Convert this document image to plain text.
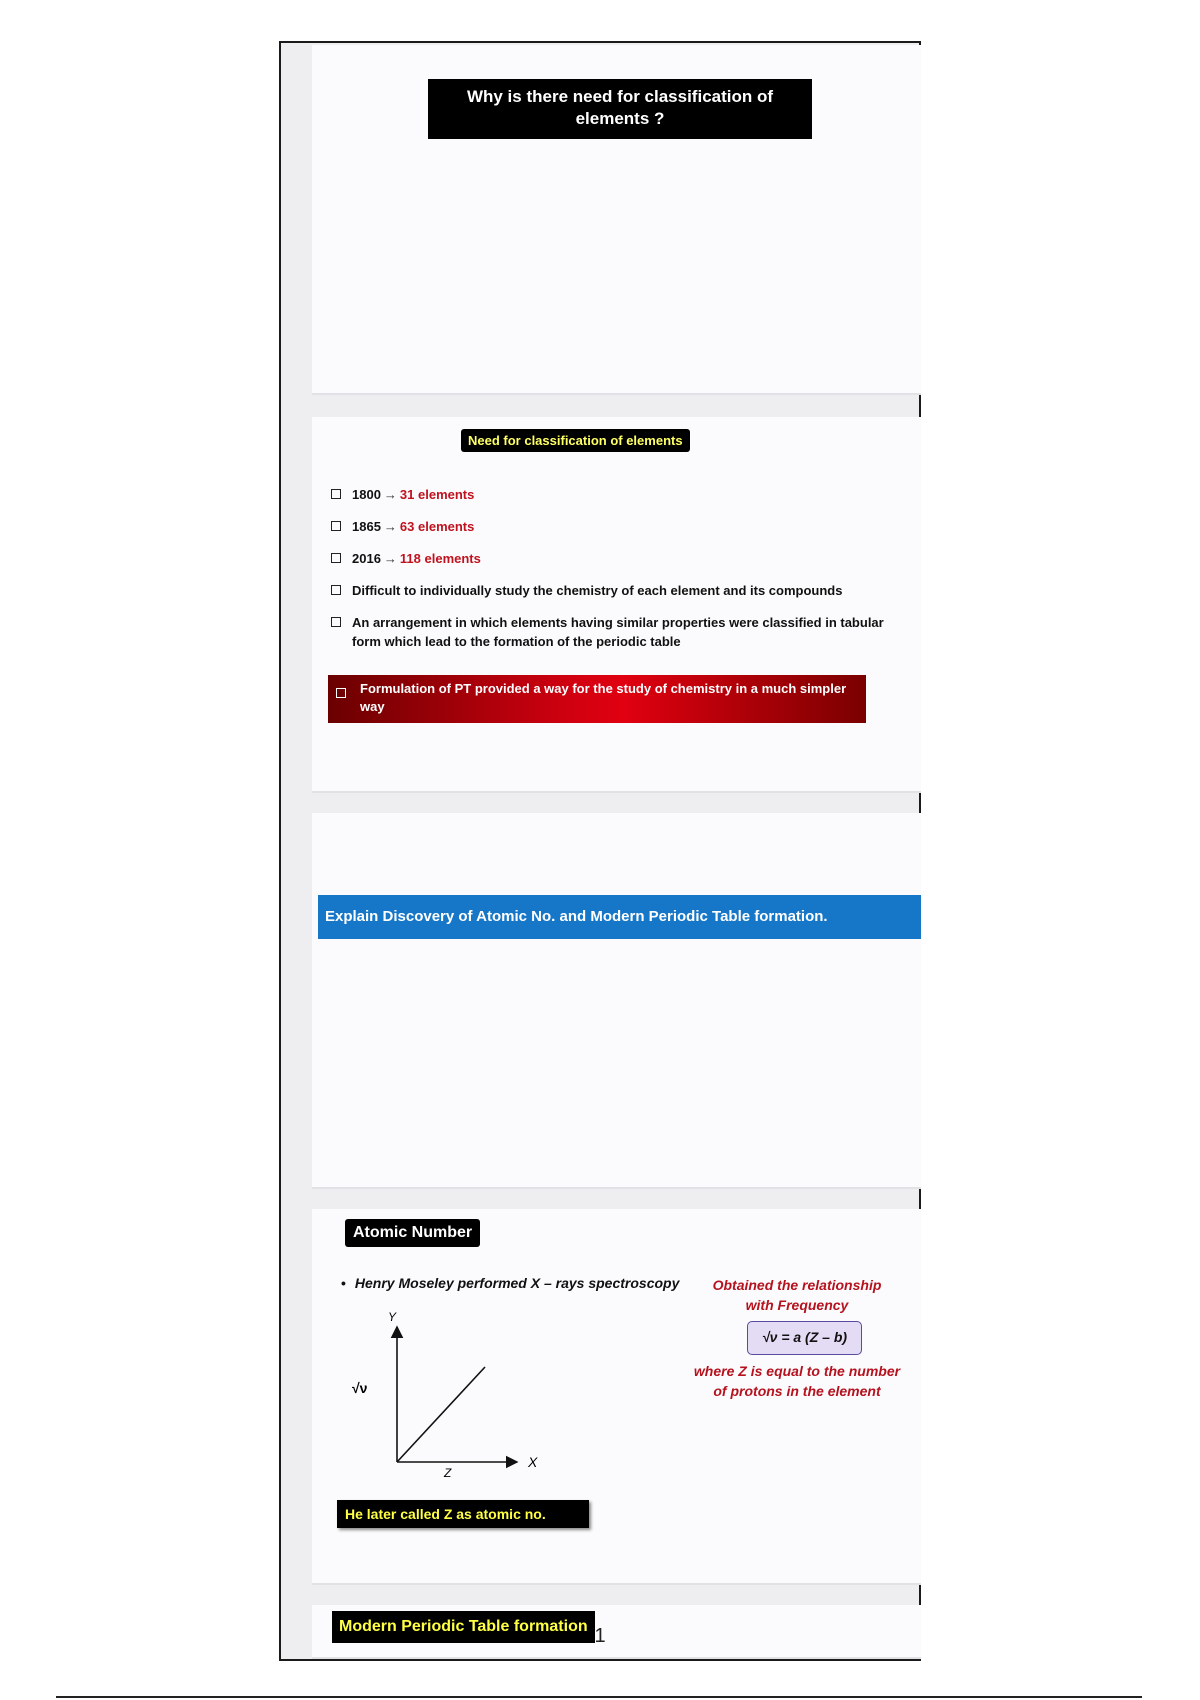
Why is there need for classification of elements ?
Need for classification of elements
1800 → 31 elements
1865 → 63 elements
2016 → 118 elements
Difficult to individually study the chemistry of each element and its compounds
An arrangement in which elements having similar properties were classified in tabular form which lead to the formation of the periodic table
Formulation of PT provided a way for the study of chemistry in a much simpler way
Explain Discovery of Atomic No. and Modern Periodic Table formation.
Atomic Number
• Henry Moseley performed X – rays spectroscopy	Obtained the relationship with Frequency
√ν = a (Z – b)
where Z is equal to the number of protons in the element
Y
X
√ν
Z
He later called Z as atomic no.
Modern Periodic Table formation 1
